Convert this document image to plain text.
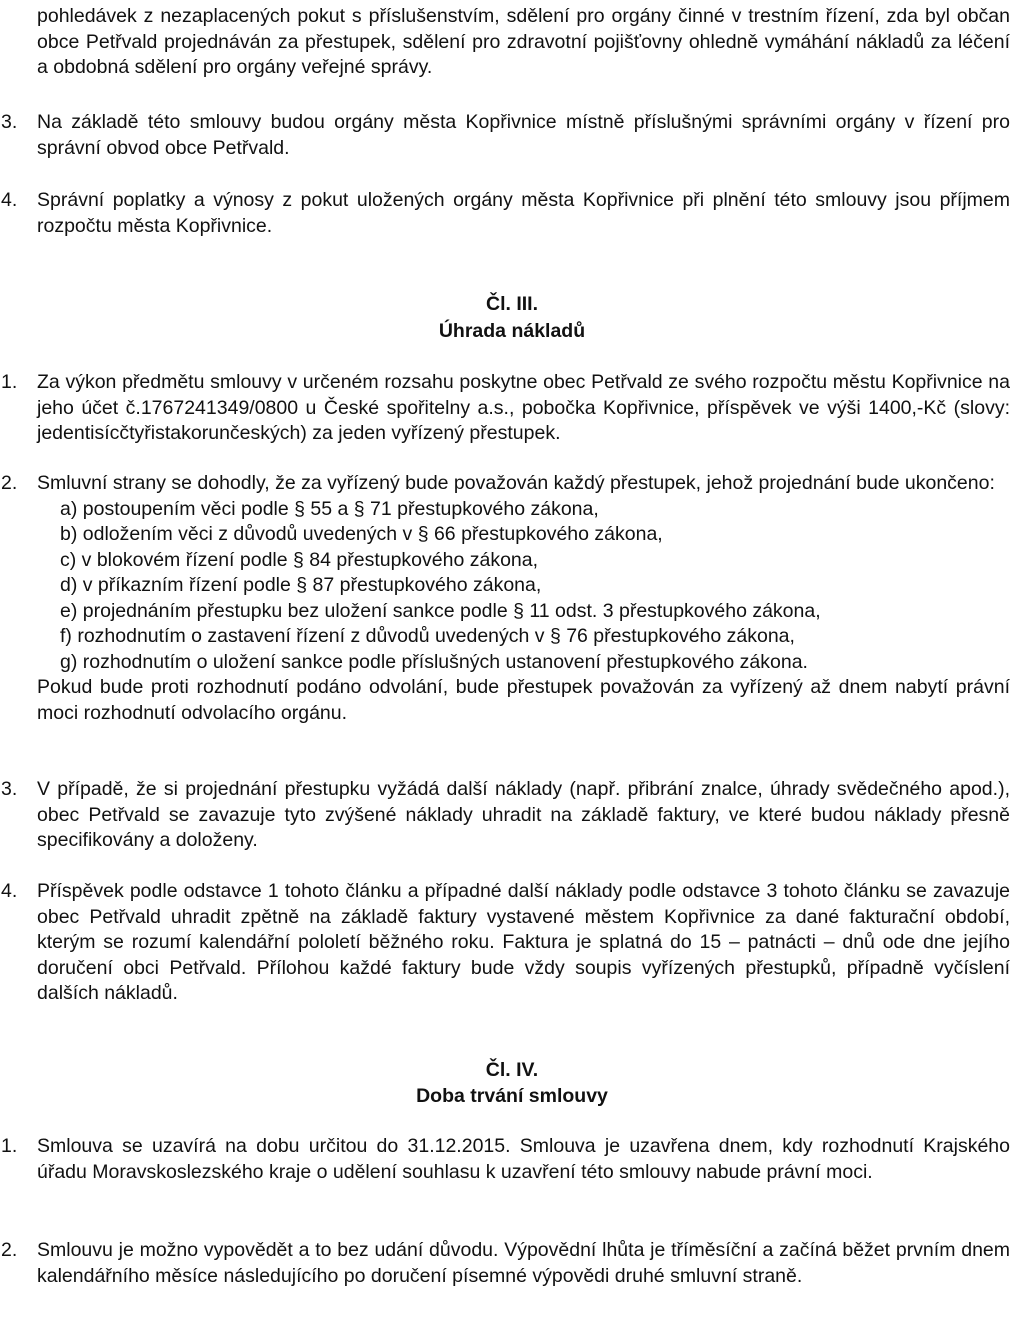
pohledávek z nezaplacených pokut s příslušenstvím, sdělení pro orgány činné v trestním řízení, zda byl občan obce Petřvald projednáván za přestupek, sdělení pro zdravotní pojišťovny ohledně vymáhání nákladů za léčení a obdobná sdělení pro orgány veřejné správy.

3. Na základě této smlouvy budou orgány města Kopřivnice místně příslušnými správními orgány v řízení pro správní obvod obce Petřvald.
4. Správní poplatky a výnosy z pokut uložených orgány města Kopřivnice při plnění této smlouvy jsou příjmem rozpočtu města Kopřivnice.
Čl. III.
Úhrada nákladů
1. Za výkon předmětu smlouvy v určeném rozsahu poskytne obec Petřvald ze svého rozpočtu městu Kopřivnice na jeho účet č.1767241349/0800 u České spořitelny a.s., pobočka Kopřivnice, příspěvek ve výši 1400,-Kč (slovy: jedentisícčtyřistakorunčeských) za jeden vyřízený přestupek.
2. Smluvní strany se dohodly, že za vyřízený bude považován každý přestupek, jehož projednání bude ukončeno:
a) postoupením věci podle § 55 a § 71 přestupkového zákona,
b) odložením věci z důvodů uvedených v § 66 přestupkového zákona,
c) v blokovém řízení podle § 84 přestupkového zákona,
d) v příkazním řízení podle § 87 přestupkového zákona,
e) projednáním přestupku bez uložení sankce podle § 11 odst. 3 přestupkového zákona,
f) rozhodnutím o zastavení řízení z důvodů uvedených v § 76 přestupkového zákona,
g) rozhodnutím o uložení sankce podle příslušných ustanovení přestupkového zákona.
Pokud bude proti rozhodnutí podáno odvolání, bude přestupek považován za vyřízený až dnem nabytí právní moci rozhodnutí odvolacího orgánu.
3. V případě, že si projednání přestupku vyžádá další náklady (např. přibrání znalce, úhrady svědečného apod.), obec Petřvald se zavazuje tyto zvýšené náklady uhradit na základě faktury, ve které budou náklady přesně specifikovány a doloženy.
4. Příspěvek podle odstavce 1 tohoto článku a případné další náklady podle odstavce 3 tohoto článku se zavazuje obec Petřvald uhradit zpětně na základě faktury vystavené městem Kopřivnice za dané fakturační období, kterým se rozumí kalendářní pololetí běžného roku. Faktura je splatná do 15 – patnácti – dnů ode dne jejího doručení obci Petřvald. Přílohou každé faktury bude vždy soupis vyřízených přestupků, případně vyčíslení dalších nákladů.
Čl. IV.
Doba trvání smlouvy
1. Smlouva se uzavírá na dobu určitou do 31.12.2015. Smlouva je uzavřena dnem, kdy rozhodnutí Krajského úřadu Moravskoslezského kraje o udělení souhlasu k uzavření této smlouvy nabude právní moci.
2. Smlouvu je možno vypovědět a to bez udání důvodu. Výpovědní lhůta je tříměsíční a začíná běžet prvním dnem kalendářního měsíce následujícího po doručení písemné výpovědi druhé smluvní straně.
